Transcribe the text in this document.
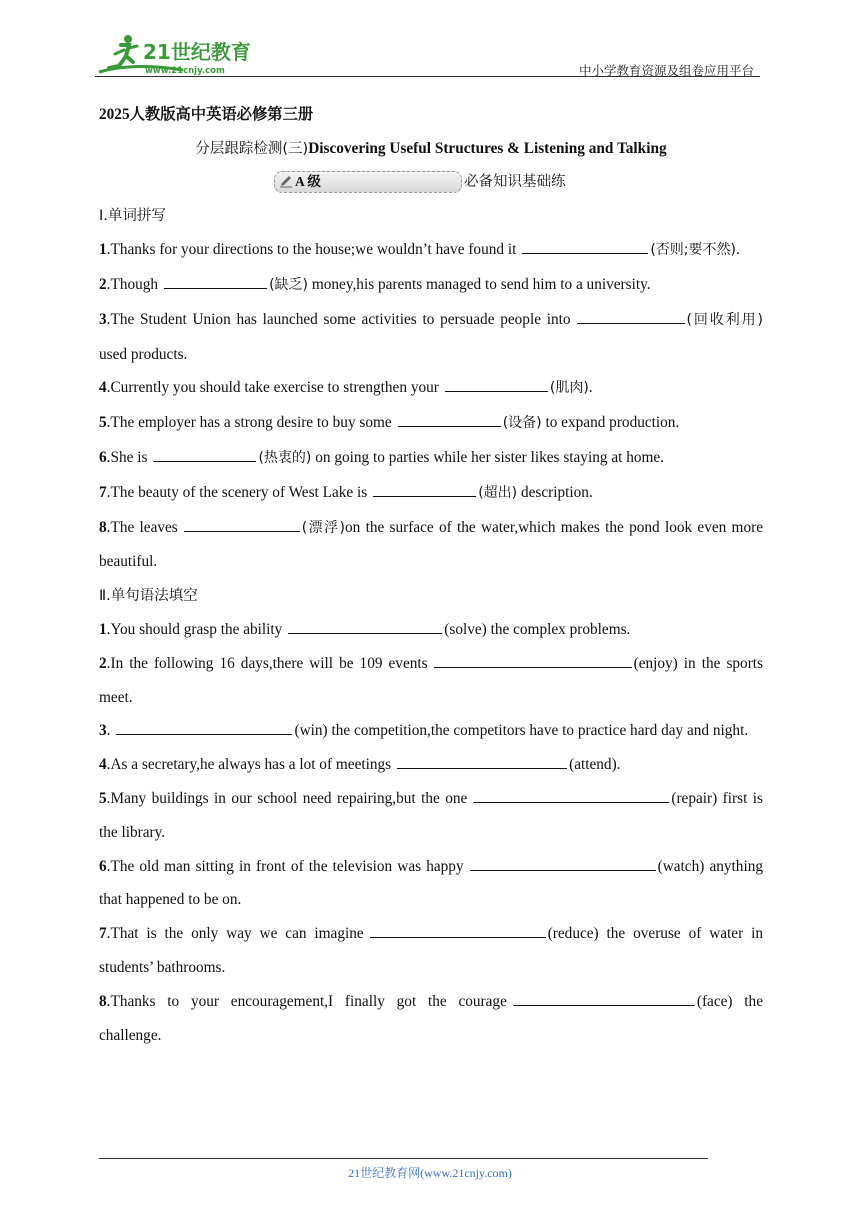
21世纪教育
www.21cnjy.com	中小学教育资源及组卷应用平台

2025人教版高中英语必修第三册

分层跟踪检测(三)Discovering Useful Structures & Listening and Talking

A 级	必备知识基础练

Ⅰ.单词拼写

1.Thanks for your directions to the house;we wouldn’t have found it	(否则;要不然).

2.Though	(缺乏) money,his parents managed to send him to a university.

3.The Student Union has launched some activities to persuade people into	(回收利用) used products.

4.Currently you should take exercise to strengthen your	(肌肉).

5.The employer has a strong desire to buy some	(设备) to expand production.

6.She is	(热衷的) on going to parties while her sister likes staying at home.

7.The beauty of the scenery of West Lake is	(超出) description.

8.The leaves	(漂浮)on the surface of the water,which makes the pond look even more beautiful.

Ⅱ.单句语法填空

1.You should grasp the ability	(solve) the complex problems.

2.In the following 16 days,there will be 109 events	(enjoy) in the sports meet.

3.	(win) the competition,the competitors have to practice hard day and night.

4.As a secretary,he always has a lot of meetings	(attend).

5.Many buildings in our school need repairing,but the one	(repair) first is the library.

6.The old man sitting in front of the television was happy	(watch) anything that happened to be on.

7.That is the only way we can imagine	(reduce) the overuse of water in students’ bathrooms.

8.Thanks to your encouragement,I finally got the courage	(face) the challenge.

21世纪教育网(www.21cnjy.com)
